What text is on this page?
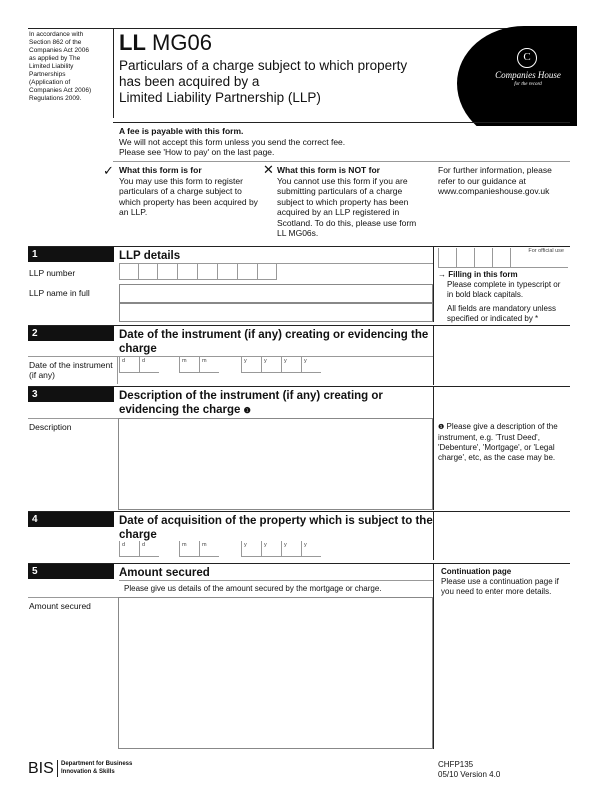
In accordance with Section 862 of the Companies Act 2006 as applied by The Limited Liability Partnerships (Application of Companies Act 2006) Regulations 2009.
LL MG06
Particulars of a charge subject to which property
has been acquired by a
Limited Liability Partnership (LLP)
C
Companies House
for the record
A fee is payable with this form.
We will not accept this form unless you send the correct fee.
Please see 'How to pay' on the last page.
✓ What this form is for
You may use this form to register particulars of a charge subject to which property has been acquired by an LLP.
✕ What this form is NOT for
You cannot use this form if you are submitting particulars of a charge subject to which property has been acquired by an LLP registered in Scotland. To do this, please use form LL MG06s.
For further information, please refer to our guidance at www.companieshouse.gov.uk
1	LLP details	For official use
LLP number
LLP name in full
→ Filling in this form
Please complete in typescript or in bold black capitals.
All fields are mandatory unless specified or indicated by *
2	Date of the instrument (if any) creating or evidencing the charge
Date of the instrument (if any)
d	d	m	m	y	y	y	y
3	Description of the instrument (if any) creating or evidencing the charge ❶
Description	❶ Please give a description of the instrument, e.g. 'Trust Deed', 'Debenture', 'Mortgage', or 'Legal charge', etc, as the case may be.
4	Date of acquisition of the property which is subject to the charge
d	d	m	m	y	y	y	y
5	Amount secured
Please give us details of the amount secured by the mortgage or charge.
Amount secured
Continuation page
Please use a continuation page if you need to enter more details.
BIS Department for Business
Innovation & Skills
CHFP135
05/10 Version 4.0
